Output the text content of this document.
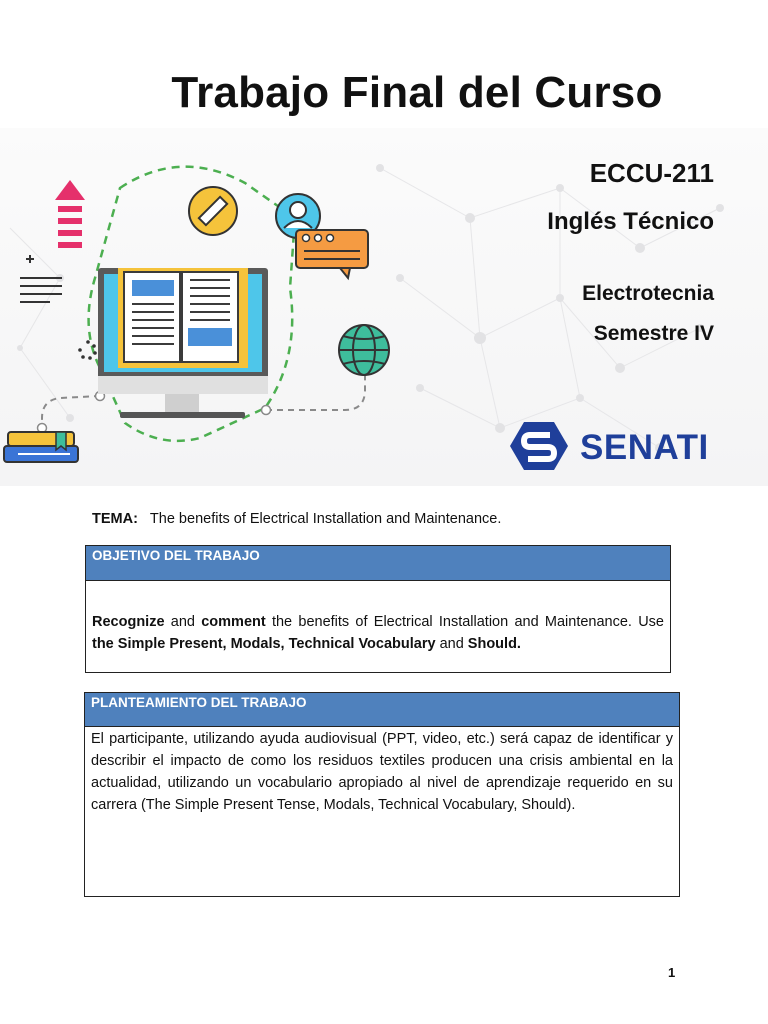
Trabajo Final del Curso
ECCU-211
Inglés Técnico
Electrotecnia
Semestre IV
SENATI
TEMA: The benefits of Electrical Installation and Maintenance.
OBJETIVO DEL TRABAJO
Recognize and comment the benefits of Electrical Installation and Maintenance. Use the Simple Present, Modals, Technical Vocabulary and Should.
PLANTEAMIENTO DEL TRABAJO
El participante, utilizando ayuda audiovisual (PPT, video, etc.) será capaz de identificar y describir el impacto de como los residuos textiles producen una crisis ambiental en la actualidad, utilizando un vocabulario apropiado al nivel de aprendizaje requerido en su carrera (The Simple Present Tense, Modals, Technical Vocabulary, Should).
1
